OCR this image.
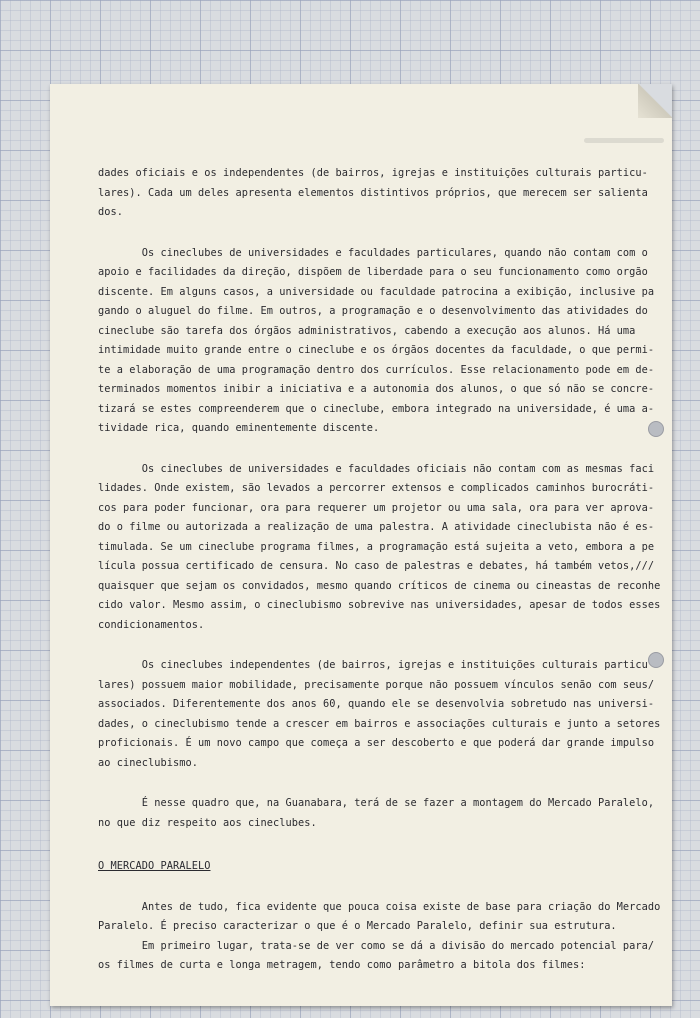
dades oficiais e os independentes (de bairros, igrejas e instituições culturais particu-
lares). Cada um deles apresenta elementos distintivos próprios, que merecem ser salienta
dos.
Os cineclubes de universidades e faculdades particulares, quando não contam com o
apoio e facilidades da direção, dispõem de liberdade para o seu funcionamento como orgão
discente. Em alguns casos, a universidade ou faculdade patrocina a exibição, inclusive pa
gando o aluguel do filme. Em outros, a programação e o desenvolvimento das atividades do
cineclube são tarefa dos órgãos administrativos, cabendo a execução aos alunos. Há uma
intimidade muito grande entre o cineclube e os órgãos docentes da faculdade, o que permi-
te a elaboração de uma programação dentro dos currículos. Esse relacionamento pode em de-
terminados momentos inibir a iniciativa e a autonomia dos alunos, o que só não se concre-
tizará se estes compreenderem que o cineclube, embora integrado na universidade, é uma a-
tividade rica, quando eminentemente discente.
Os cineclubes de universidades e faculdades oficiais não contam com as mesmas faci
lidades. Onde existem, são levados a percorrer extensos e complicados caminhos burocráti-
cos para poder funcionar, ora para requerer um projetor ou uma sala, ora para ver aprova-
do o filme ou autorizada a realização de uma palestra. A atividade cineclubista não é es-
timulada. Se um cineclube programa filmes, a programação está sujeita a veto, embora a pe
lícula possua certificado de censura. No caso de palestras e debates, há também vetos,///
quaisquer que sejam os convidados, mesmo quando críticos de cinema ou cineastas de reconhe
cido valor. Mesmo assim, o cineclubismo sobrevive nas universidades, apesar de todos esses
condicionamentos.
Os cineclubes independentes (de bairros, igrejas e instituições culturais particu
lares) possuem maior mobilidade, precisamente porque não possuem vínculos senão com seus/
associados. Diferentemente dos anos 60, quando ele se desenvolvia sobretudo nas universi-
dades, o cineclubismo tende a crescer em bairros e associações culturais e junto a setores
proficionais. É um novo campo que começa a ser descoberto e que poderá dar grande impulso
ao cineclubismo.
É nesse quadro que, na Guanabara, terá de se fazer a montagem do Mercado Paralelo,
no que diz respeito aos cineclubes.
O MERCADO PARALELO
Antes de tudo, fica evidente que pouca coisa existe de base para criação do Mercado
Paralelo. É preciso caracterizar o que é o Mercado Paralelo, definir sua estrutura.
Em primeiro lugar, trata-se de ver como se dá a divisão do mercado potencial para/
os filmes de curta e longa metragem, tendo como parâmetro a bitola dos filmes:
